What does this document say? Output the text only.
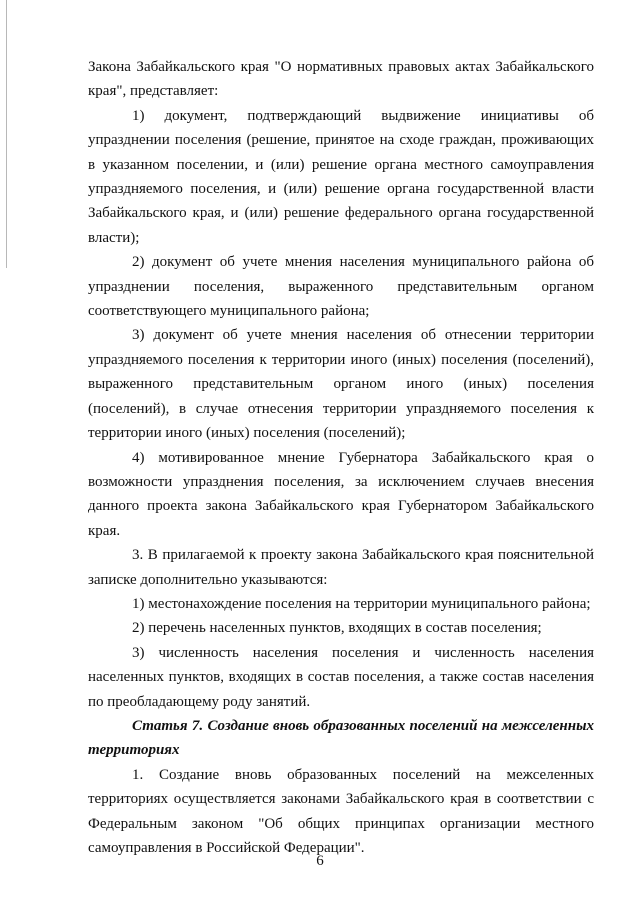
Закона Забайкальского края "О нормативных правовых актах Забайкальского края", представляет:

1) документ, подтверждающий выдвижение инициативы об упразднении поселения (решение, принятое на сходе граждан, проживающих в указанном поселении, и (или) решение органа местного самоуправления упраздняемого поселения, и (или) решение органа государственной власти Забайкальского края, и (или) решение федерального органа государственной власти);

2) документ об учете мнения населения муниципального района об упразднении поселения, выраженного представительным органом соответствующего муниципального района;

3) документ об учете мнения населения об отнесении территории упраздняемого поселения к территории иного (иных) поселения (поселений), выраженного представительным органом иного (иных) поселения (поселений), в случае отнесения территории упраздняемого поселения к территории иного (иных) поселения (поселений);

4) мотивированное мнение Губернатора Забайкальского края о возможности упразднения поселения, за исключением случаев внесения данного проекта закона Забайкальского края Губернатором Забайкальского края.

3. В прилагаемой к проекту закона Забайкальского края пояснительной записке дополнительно указываются:

1) местонахождение поселения на территории муниципального района;

2) перечень населенных пунктов, входящих в состав поселения;

3) численность населения поселения и численность населения населенных пунктов, входящих в состав поселения, а также состав населения по преобладающему роду занятий.

Статья 7. Создание вновь образованных поселений на межселенных территориях

1. Создание вновь образованных поселений на межселенных территориях осуществляется законами Забайкальского края в соответствии с Федеральным законом "Об общих принципах организации местного самоуправления в Российской Федерации".

6
